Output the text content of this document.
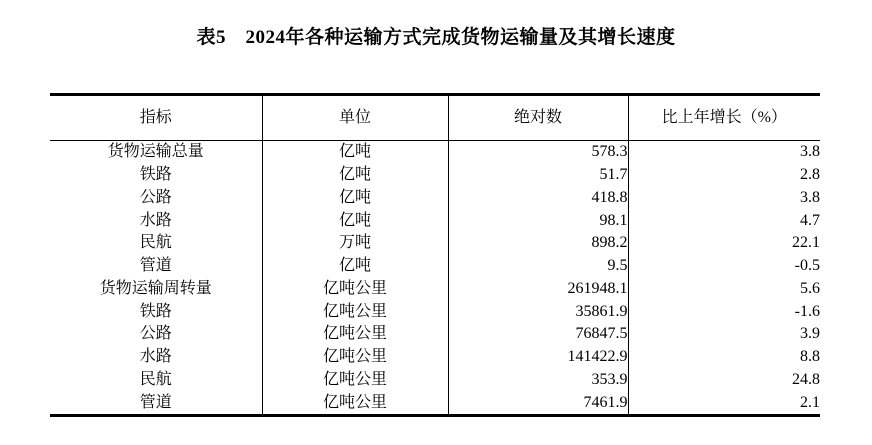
表5　2024年各种运输方式完成货物运输量及其增长速度
指标	单位	绝对数	比上年增长（%）
货物运输总量	亿吨	578.3	3.8
铁路	亿吨	51.7	2.8
公路	亿吨	418.8	3.8
水路	亿吨	98.1	4.7
民航	万吨	898.2	22.1
管道	亿吨	9.5	-0.5
货物运输周转量	亿吨公里	261948.1	5.6
铁路	亿吨公里	35861.9	-1.6
公路	亿吨公里	76847.5	3.9
水路	亿吨公里	141422.9	8.8
民航	亿吨公里	353.9	24.8
管道	亿吨公里	7461.9	2.1
